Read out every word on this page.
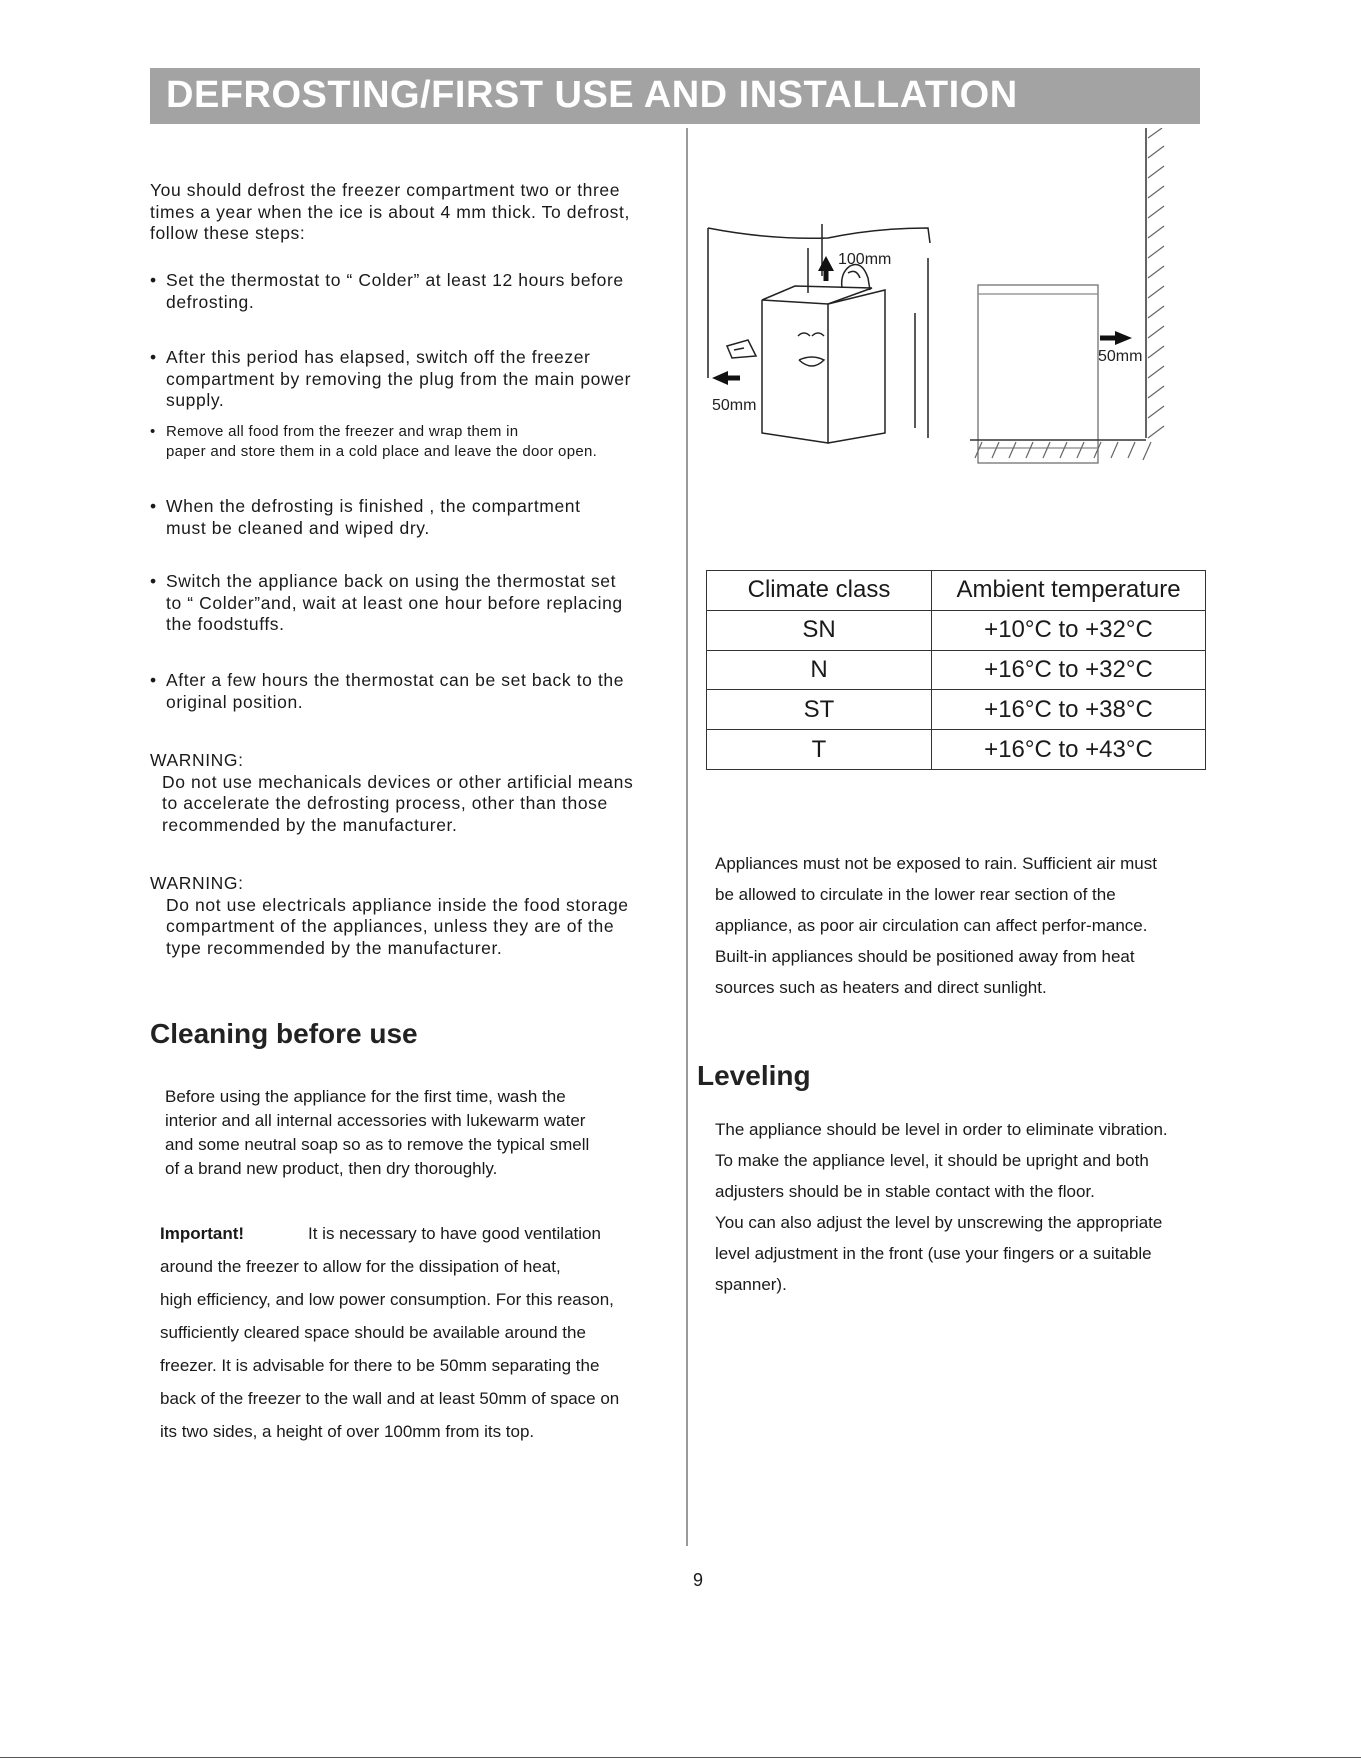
DEFROSTING/FIRST USE AND INSTALLATION
You should defrost the freezer compartment two or three
times a year when the ice is about 4 mm thick. To defrost,
follow these steps:
• Set the thermostat to “ Colder” at least 12 hours before
defrosting.
• After this period has elapsed, switch off the freezer
compartment by removing the plug from the main power
supply.
• Remove all food from the freezer and wrap them in
paper and store them in a cold place and leave the door open.
• When the defrosting is finished , the compartment
must be cleaned and wiped dry.
• Switch the appliance back on using the thermostat set
to “ Colder”and, wait at least one hour before replacing
the foodstuffs.
• After a few hours the thermostat can be set back to the
original position.
WARNING:
Do not use mechanicals devices or other artificial means
to accelerate the defrosting process, other than those
recommended by the manufacturer.
WARNING:
Do not use electricals appliance inside the food storage
compartment of the appliances, unless they are of the
type recommended by the manufacturer.
Cleaning before use
Before using the appliance for the first time, wash the
interior and all internal accessories with lukewarm water
and some neutral soap so as to remove the typical smell
of a brand new product, then dry thoroughly.
Important!	It is necessary to have good ventilation
around the freezer to allow for the dissipation of heat,
high efficiency, and low power consumption. For this reason,
sufficiently cleared space should be available around the
freezer. It is advisable for there to be 50mm separating the
back of the freezer to the wall and at least 50mm of space on
its two sides, a height of over 100mm from its top.
100mm
50mm
50mm
Climate class	Ambient temperature
SN	+10°C to +32°C
N	+16°C to +32°C
ST	+16°C to +38°C
T	+16°C to +43°C
Appliances must not be exposed to rain. Sufficient air must
be allowed to circulate in the lower rear section of the
appliance, as poor air circulation can affect perfor-mance.
Built-in appliances should be positioned away from heat
sources such as heaters and direct sunlight.
Leveling
The appliance should be level in order to eliminate vibration.
To make the appliance level, it should be upright and both
adjusters should be in stable contact with the floor.
You can also adjust the level by unscrewing the appropriate
level adjustment in the front (use your fingers or a suitable
spanner).
9
